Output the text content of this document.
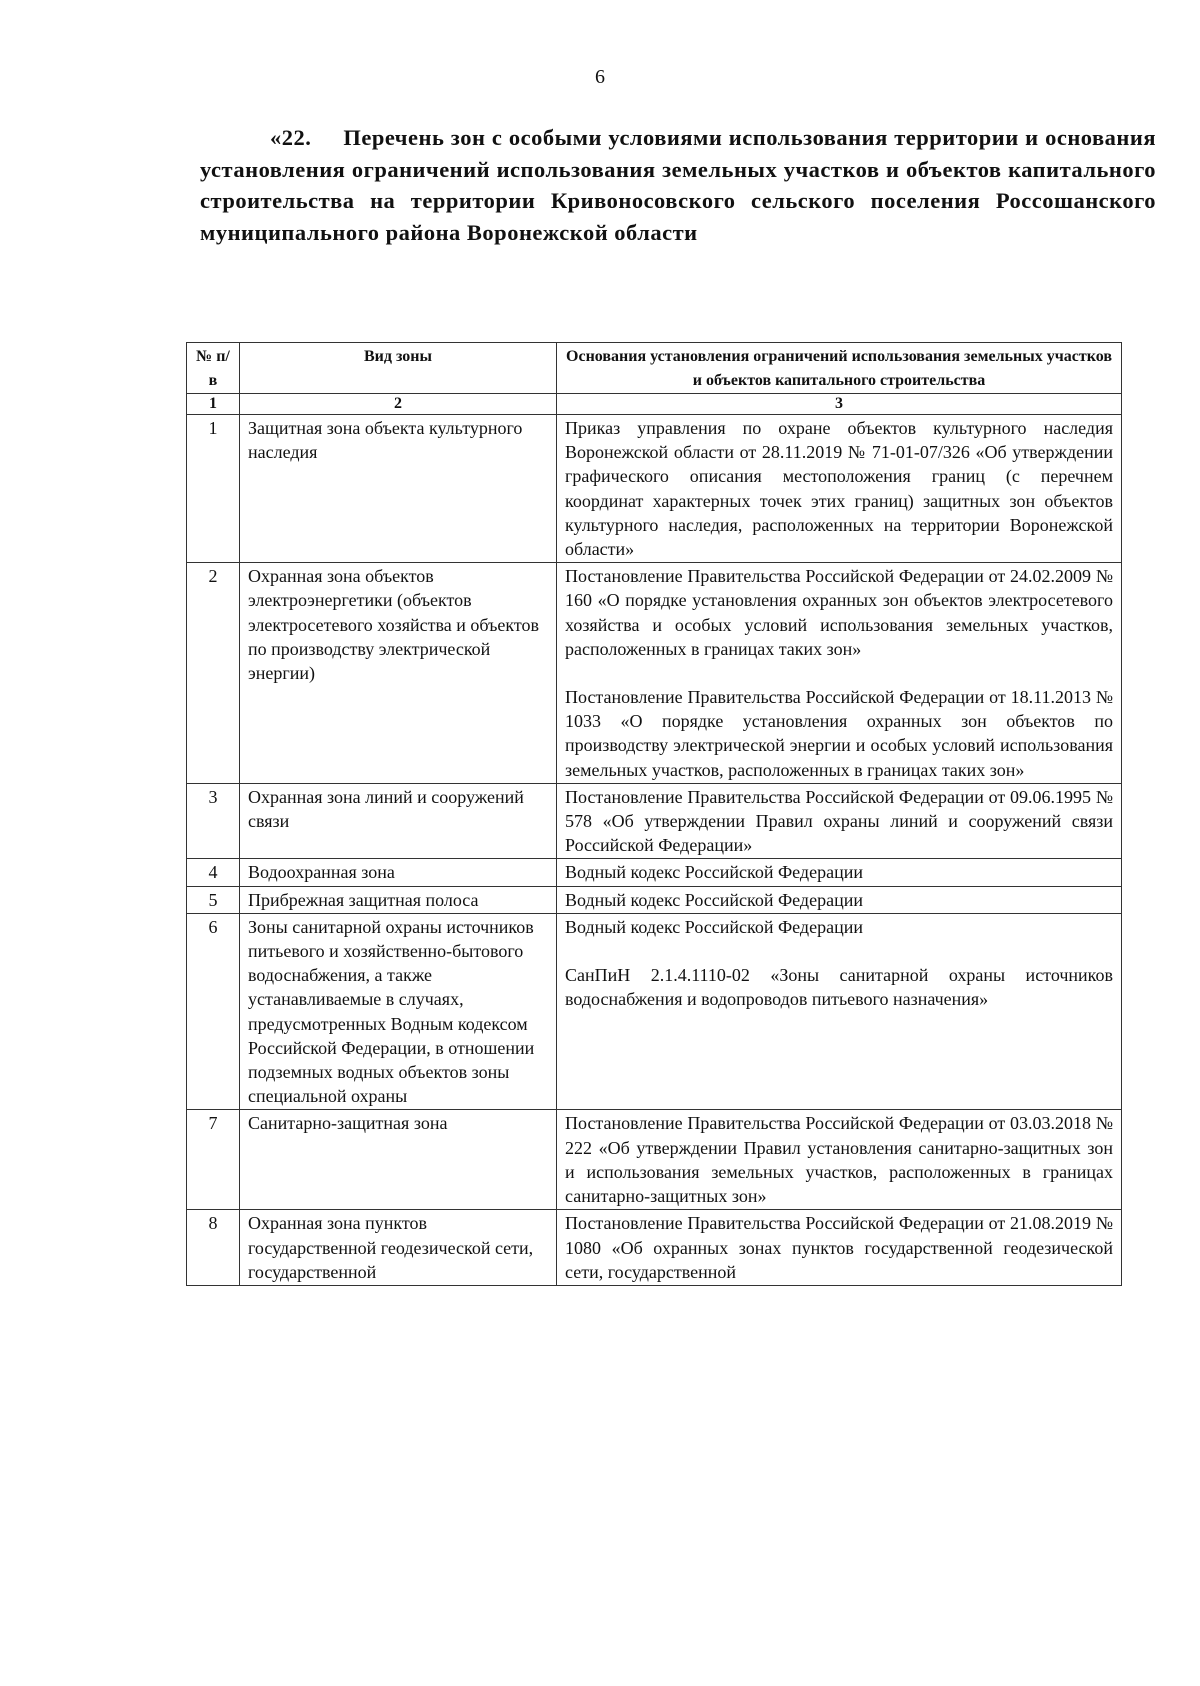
6
«22. Перечень зон с особыми условиями использования территории и основания установления ограничений использования земельных участков и объектов капитального строительства на территории Кривоносовского сельского поселения Россошанского муниципального района Воронежской области
№ п/в	Вид зоны	Основания установления ограничений использования земельных участков и объектов капитального строительства
1	2	3
1	Защитная зона объекта культурного наследия	Приказ управления по охране объектов культурного наследия Воронежской области от 28.11.2019 № 71-01-07/326 «Об утверждении графического описания местоположения границ (с перечнем координат характерных точек этих границ) защитных зон объектов культурного наследия, расположенных на территории Воронежской области»

2	Охранная зона объектов электроэнергетики (объектов электросетевого хозяйства и объектов по производству электрической энергии)	Постановление Правительства Российской Федерации от 24.02.2009 № 160 «О порядке установления охранных зон объектов электросетевого хозяйства и особых условий использования земельных участков, расположенных в границах таких зон»
Постановление Правительства Российской Федерации от 18.11.2013 № 1033 «О порядке установления охранных зон объектов по производству электрической энергии и особых условий использования земельных участков, расположенных в границах таких зон»

3	Охранная зона линий и сооружений связи	Постановление Правительства Российской Федерации от 09.06.1995 № 578 «Об утверждении Правил охраны линий и сооружений связи Российской Федерации»

4	Водоохранная зона	Водный кодекс Российской Федерации

5	Прибрежная защитная полоса	Водный кодекс Российской Федерации

6	Зоны санитарной охраны источников питьевого и хозяйственно-бытового водоснабжения, а также устанавливаемые в случаях, предусмотренных Водным кодексом Российской Федерации, в отношении подземных водных объектов зоны специальной охраны	Водный кодекс Российской Федерации
СанПиН 2.1.4.1110-02 «Зоны санитарной охраны источников водоснабжения и водопроводов питьевого назначения»

7	Санитарно-защитная зона	Постановление Правительства Российской Федерации от 03.03.2018 № 222 «Об утверждении Правил установления санитарно-защитных зон и использования земельных участков, расположенных в границах санитарно-защитных зон»

8	Охранная зона пунктов государственной геодезической сети, государственной	Постановление Правительства Российской Федерации от 21.08.2019 № 1080 «Об охранных зонах пунктов государственной геодезической сети, государственной
